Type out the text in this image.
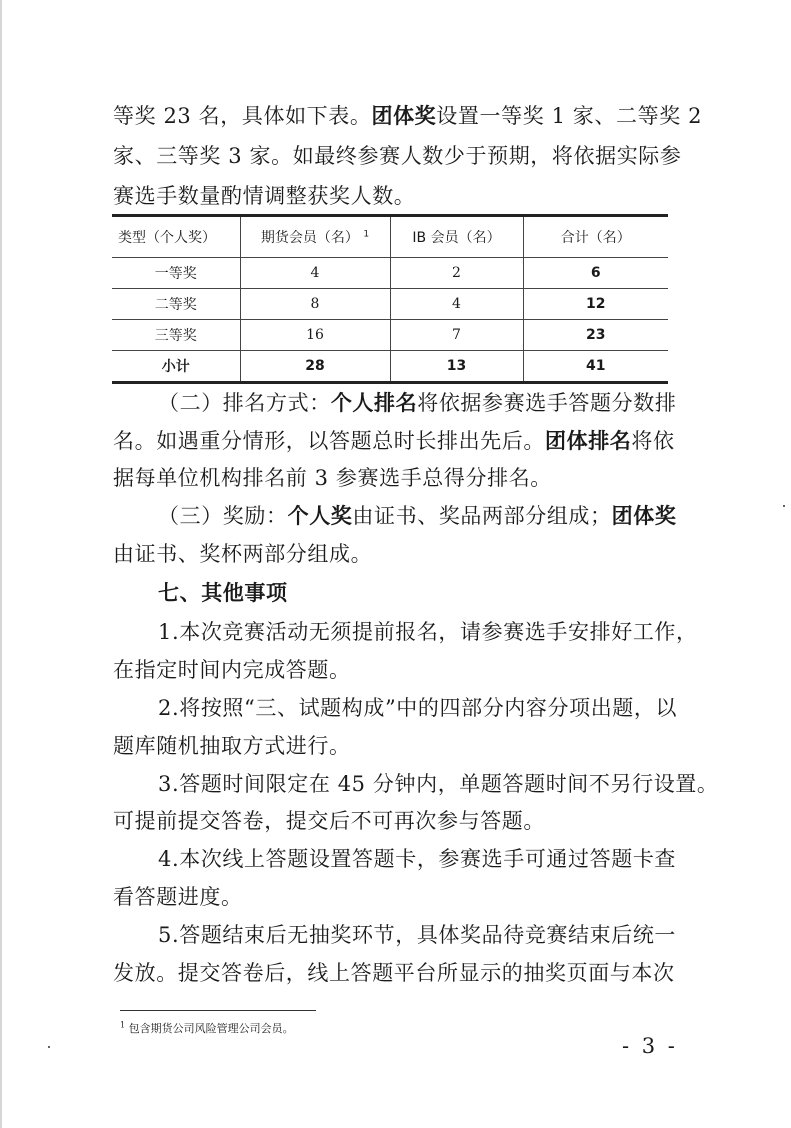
等奖 23 名，具体如下表。团体奖设置一等奖 1 家、二等奖 2
家、三等奖 3 家。如最终参赛人数少于预期，将依据实际参
赛选手数量酌情调整获奖人数。
类型（个人奖）	期货会员（名） $^1$	IB 会员（名）	合计（名）
一等奖	4	2	6
二等奖	8	4	12
三等奖	16	7	23
小计	28	13	41
（二）排名方式：个人排名将依据参赛选手答题分数排
名。如遇重分情形，以答题总时长排出先后。团体排名将依
据每单位机构排名前 3 参赛选手总得分排名。
（三）奖励：个人奖由证书、奖品两部分组成；团体奖
由证书、奖杯两部分组成。
七、其他事项
1.本次竞赛活动无须提前报名，请参赛选手安排好工作，
在指定时间内完成答题。
2.将按照“三、试题构成”中的四部分内容分项出题，以
题库随机抽取方式进行。
3.答题时间限定在 45 分钟内，单题答题时间不另行设置。
可提前提交答卷，提交后不可再次参与答题。
4.本次线上答题设置答题卡，参赛选手可通过答题卡查
看答题进度。
5.答题结束后无抽奖环节，具体奖品待竞赛结束后统一
发放。提交答卷后，线上答题平台所显示的抽奖页面与本次
$^1$ 包含期货公司风险管理公司会员。
- 3 -
